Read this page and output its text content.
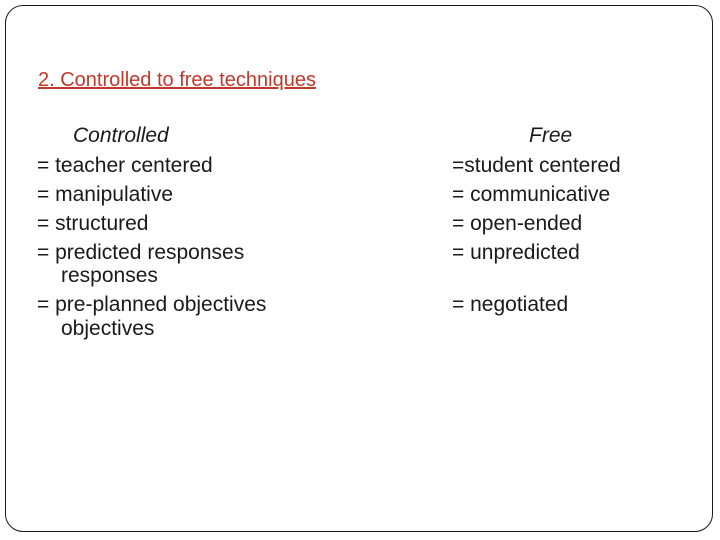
2. Controlled to free techniques
Controlled
= teacher centered
= manipulative
= structured
= predicted responses
responses
= pre-planned objectives
objectives
Free
=student centered
= communicative
= open-ended
= unpredicted
= negotiated
